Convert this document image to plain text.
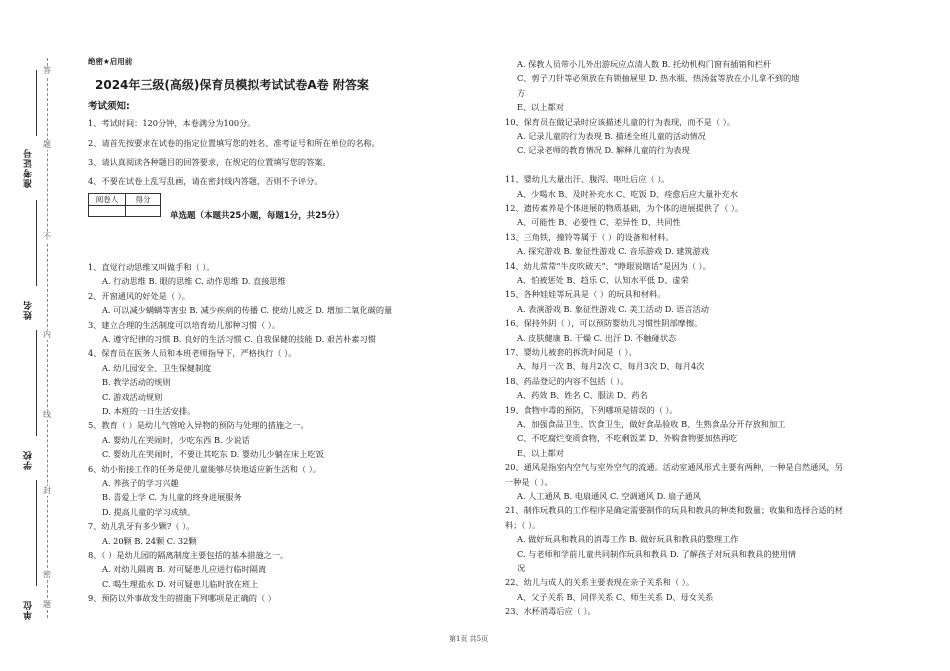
准考证号
姓名
学校
单位
答
题
不
内
线
封
密
题
绝密★启用前
2024年三级(高级)保育员模拟考试试卷A卷 附答案
考试须知:
1、考试时间：120分钟，本卷满分为100分。
2、请首先按要求在试卷的指定位置填写您的姓名、准考证号和所在单位的名称。
3、请认真阅读各种题目的回答要求，在规定的位置填写您的答案。
4、不要在试卷上乱写乱画，请在密封线内答题，否则不予评分。
阅卷人	得分

单选题（本题共25小题，每题1分，共25分）
1、直觉行动思维又叫做手和（ ）。
A. 行动思维 B. 眼的思维 C. 动作思维 D. 直接思维
2、开窗通风的好处是（ ）。
A. 可以减少螨螨等害虫 B. 减少疾病的传播 C. 使幼儿疲乏 D. 增加二氧化碳的量
3、建立合理的生活制度可以培育幼儿那种习惯（ ）。
A. 遵守纪律的习惯 B. 良好的生活习惯 C. 自我保健的技能 D. 艰苦朴素习惯
4、保育员在医务人员和本班老师指导下，严格执行（ ）。
A. 幼儿园安全、卫生保健制度
B. 教学活动的规则
C. 游戏活动规则
D. 本班的一日生活安排。
5、教育（ ）是幼儿气管呛入异物的预防与处理的措施之一。
A. 婴幼儿在哭闹时，少吃东西 B. 少说话
C. 婴幼儿在哭闹时，不要让其吃东 D. 婴幼儿少躺在床上吃饭
6、幼小衔接工作的任务是使儿童能够尽快地适应新生活和（ ）。
A. 养孩子的学习兴趣
B. 喜爱上学 C. 为儿童的终身进展服务
D. 提高儿童的学习成绩。
7、幼儿乳牙有多少颗?（ ）。
A. 20颗 B. 24颗 C. 32颗
8、（ ）是幼儿园的隔离制度主要包括的基本措施之一。
A. 对幼儿隔离 B. 对可疑患儿应进行临时隔离
C. 喝生理盐水 D. 对可疑患儿临时放在班上
9、预防以外事故发生的措施下列哪项是正确的（ ）
A. 保教人员带小儿外出游玩应点清人数 B. 托幼机构门窗有插销和栏杆
C、剪子刀针等必须放在有锁抽屉里 D. 热水瓶、热汤盆等放在小儿拿不到的地
方
E、以上都对
10、保育员在做记录时应该描述儿童的行为表现，而不是（ ）。
A. 记录儿童的行为表现 B. 描述全班儿童的活动情况
C. 记录老师的教育情况 D. 解释儿童的行为表现
11、婴幼儿大量出汗、腹泻、呕吐后应（ ）。
A、少喝水 B、及时补充水 C、吃饭 D、痊愈后应大量补充水
12、遗传素养是个体进展的物质基础，为个体的进展提供了（ ）。
A、可能性 B、必要性 C、差异性 D、共同性
13、三角铁，撞铃等属于（ ）的设备和材料。
A. 探究游戏 B. 象征性游戏 C. 音乐游戏 D. 建筑游戏
14、幼儿常常“牛皮吹破天”、“睁眼说瞎话”是因为（ ）。
A、怕被惩处 B、趋乐 C、认知水平低 D、虚荣
15、各种娃娃等玩具是（ ）的玩具和材料。
A. 表演游戏 B. 象征性游戏 C. 美工活动 D. 语言活动
16、保持外阴（ ），可以预防婴幼儿习惯性阴部摩擦。
A. 皮肤健康 B. 干燥 C. 出汗 D. 不触碰状态
17、婴幼儿被套的拆洗时间是（ ）。
A、每月一次 B、每月2次 C、每月3次 D、每月4次
18、药品登记的内容不包括（ ）。
A、药效 B、姓名 C、服法 D、药名
19、食物中毒的预防，下列哪项是错误的（ ）。
A、加强食品卫生、饮食卫生，做好食品验收 B、生熟食品分开存放和加工
C、不吃腐烂变质食物，不吃剩饭菜 D、外购食物要加热再吃
E、以上都对
20、通风是指室内空气与室外空气的流通。活动室通风形式主要有两种，一种是自然通风，另
一种是（ ）。
A. 人工通风 B. 电扇通风 C. 空调通风 D. 扇子通风
21、制作玩教具的工作程序是确定需要制作的玩具和教具的种类和数量；收集和选择合适的材
料；（ ）。
A. 做好玩具和教具的消毒工作 B. 做好玩具和教具的整理工作
C. 与老师和学前儿童共同制作玩具和教具 D. 了解孩子对玩具和教具的使用情
况
22、幼儿与成人的关系主要表现在亲子关系和（ ）。
A、父子关系 B、同伴关系 C、师生关系 D、母女关系
23、水杯消毒后应（ ）。
第1页 共5页
